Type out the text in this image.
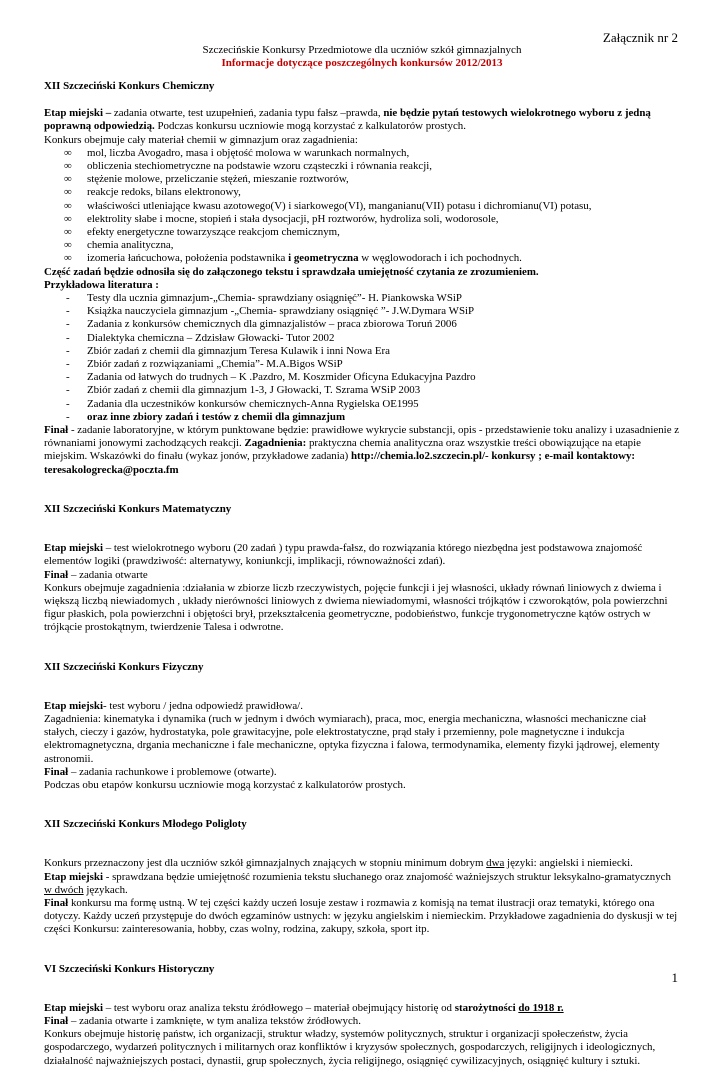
Załącznik nr 2
Szczecińskie Konkursy Przedmiotowe dla uczniów szkół gimnazjalnych
Informacje dotyczące poszczególnych konkursów 2012/2013

XII Szczeciński Konkurs Chemiczny

Etap miejski – zadania otwarte, test uzupełnień, zadania typu fałsz –prawda, nie będzie pytań testowych wielokrotnego wyboru z jedną poprawną odpowiedzią. Podczas konkursu uczniowie mogą korzystać z kalkulatorów prostych.

Konkurs obejmuje cały materiał chemii w gimnazjum oraz zagadnienia:

∞ mol, liczba Avogadro, masa i objętość molowa w warunkach normalnych,
∞ obliczenia stechiometryczne na podstawie wzoru cząsteczki i równania reakcji,
∞ stężenie molowe, przeliczanie stężeń, mieszanie roztworów,
∞ reakcje redoks, bilans elektronowy,
∞ właściwości utleniające kwasu azotowego(V) i siarkowego(VI), manganianu(VII) potasu i dichromianu(VI) potasu,
∞ elektrolity słabe i mocne, stopień i stała dysocjacji, pH roztworów, hydroliza soli, wodorosole,
∞ efekty energetyczne towarzyszące reakcjom chemicznym,
∞ chemia analityczna,
∞ izomeria łańcuchowa, położenia podstawnika i geometryczna w węglowodorach i ich pochodnych.

Część zadań będzie odnosiła się do załączonego tekstu i sprawdzała umiejętność czytania ze zrozumieniem.

Przykładowa literatura :

- Testy dla ucznia gimnazjum-„Chemia- sprawdziany osiągnięć”- H. Piankowska WSiP
- Książka nauczyciela gimnazjum -„Chemia- sprawdziany osiągnięć ”- J.W.Dymara WSiP
- Zadania z konkursów chemicznych dla gimnazjalistów – praca zbiorowa Toruń 2006
- Dialektyka chemiczna – Zdzisław Głowacki- Tutor 2002
- Zbiór zadań z chemii dla gimnazjum Teresa Kulawik i inni Nowa Era
- Zbiór zadań z rozwiązaniami „Chemia”- M.A.Bigos WSiP
- Zadania od łatwych do trudnych – K .Pazdro, M. Koszmider Oficyna Edukacyjna Pazdro
- Zbiór zadań z chemii dla gimnazjum 1-3, J Głowacki, T. Szrama WSiP 2003
- Zadania dla uczestników konkursów chemicznych-Anna Rygielska OE1995
- oraz inne zbiory zadań i testów z chemii dla gimnazjum

Finał - zadanie laboratoryjne, w którym punktowane będzie: prawidłowe wykrycie substancji, opis - przedstawienie toku analizy i uzasadnienie z równaniami jonowymi zachodzących reakcji. Zagadnienia: praktyczna chemia analityczna oraz wszystkie treści obowiązujące na etapie miejskim. Wskazówki do finału (wykaz jonów, przykładowe zadania) http://chemia.lo2.szczecin.pl/- konkursy ; e-mail kontaktowy: teresakologrecka@poczta.fm

XII Szczeciński Konkurs Matematyczny

Etap miejski – test wielokrotnego wyboru (20 zadań ) typu prawda-fałsz, do rozwiązania którego niezbędna jest podstawowa znajomość elementów logiki (prawdziwość: alternatywy, koniunkcji, implikacji, równoważności zdań).

Finał – zadania otwarte

Konkurs obejmuje zagadnienia :działania w zbiorze liczb rzeczywistych, pojęcie funkcji i jej własności, układy równań liniowych z dwiema i większą liczbą niewiadomych , układy nierówności liniowych z dwiema niewiadomymi, własności trójkątów i czworokątów, pola powierzchni figur płaskich, pola powierzchni i objętości brył, przekształcenia geometryczne, podobieństwo, funkcje trygonometryczne kątów ostrych w trójkącie prostokątnym, twierdzenie Talesa i odwrotne.

XII Szczeciński Konkurs Fizyczny

Etap miejski- test wyboru / jedna odpowiedź prawidłowa/.

Zagadnienia: kinematyka i dynamika (ruch w jednym i dwóch wymiarach), praca, moc, energia mechaniczna, własności mechaniczne ciał stałych, cieczy i gazów, hydrostatyka, pole grawitacyjne, pole elektrostatyczne, prąd stały i przemienny, pole magnetyczne i indukcja elektromagnetyczna, drgania mechaniczne i fale mechaniczne, optyka fizyczna i falowa, termodynamika, elementy fizyki jądrowej, elementy astronomii.

Finał – zadania rachunkowe i problemowe (otwarte).

Podczas obu etapów konkursu uczniowie mogą korzystać z kalkulatorów prostych.

XII Szczeciński Konkurs Młodego Poligloty

Konkurs przeznaczony jest dla uczniów szkół gimnazjalnych znających w stopniu minimum dobrym dwa języki: angielski i niemiecki.

Etap miejski - sprawdzana będzie umiejętność rozumienia tekstu słuchanego oraz znajomość ważniejszych struktur leksykalno-gramatycznych w dwóch językach.

Finał konkursu ma formę ustną. W tej części każdy uczeń losuje zestaw i rozmawia z komisją na temat ilustracji oraz tematyki, którego ona dotyczy. Każdy uczeń przystępuje do dwóch egzaminów ustnych: w języku angielskim i niemieckim. Przykładowe zagadnienia do dyskusji w tej części Konkursu: zainteresowania, hobby, czas wolny, rodzina, zakupy, szkoła, sport itp.

VI Szczeciński Konkurs Historyczny

Etap miejski – test wyboru oraz analiza tekstu źródłowego – materiał obejmujący historię od starożytności do 1918 r.

Finał – zadania otwarte i zamknięte, w tym analiza tekstów źródłowych.

Konkurs obejmuje historię państw, ich organizacji, struktur władzy, systemów politycznych, struktur i organizacji społeczeństw, życia gospodarczego, wydarzeń politycznych i militarnych oraz konfliktów i kryzysów społecznych, gospodarczych, religijnych i ideologicznych, działalność najważniejszych postaci, dynastii, grup społecznych, życia religijnego, osiągnięć cywilizacyjnych, osiągnięć kultury i sztuki.

1
